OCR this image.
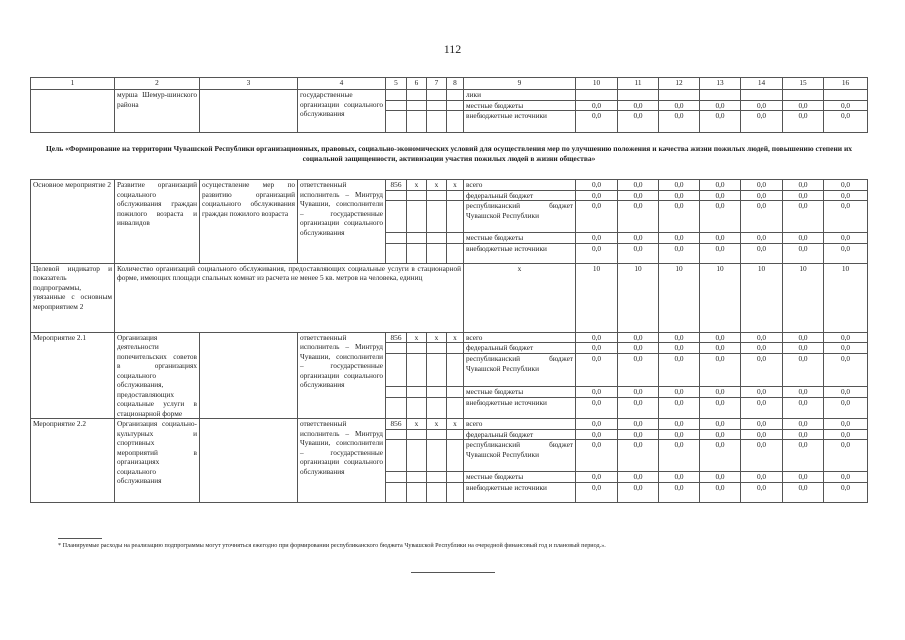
112
1	2	3	4	5	6	7	8	9	10	11	12	13	14	15	16
	мурша Шемур-шинского района		государственные организации социального обслуживания					лики							
								местные бюджеты	0,0	0,0	0,0	0,0	0,0	0,0	0,0
								внебюджетные источники	0,0	0,0	0,0	0,0	0,0	0,0	0,0
Цель «Формирование на территории Чувашской Республики организационных, правовых, социально-экономических условий для осуществления мер по улучшению положения и качества жизни пожилых людей, повышению степени их социальной защищенности, активизации участия пожилых людей в жизни общества»
Основное мероприятие 2	Развитие организаций социального обслуживания граждан пожилого возраста и инвалидов	осуществление мер по развитию организаций социального обслуживания граждан пожилого возраста	ответственный исполнитель – Минтруд Чувашии, соисполнители – государственные организации социального обслуживания	856	x	x	x	всего	0,0	0,0	0,0	0,0	0,0	0,0	0,0
								федеральный бюджет	0,0	0,0	0,0	0,0	0,0	0,0	0,0
								республиканский бюджет Чувашской Республики	0,0	0,0	0,0	0,0	0,0	0,0	0,0
								местные бюджеты	0,0	0,0	0,0	0,0	0,0	0,0	0,0
								внебюджетные источники	0,0	0,0	0,0	0,0	0,0	0,0	0,0
Целевой индикатор и показатель подпрограммы, увязанные с основным мероприятием 2	Количество организаций социального обслуживания, предоставляющих социальные услуги в стационарной форме, имеющих площади спальных комнат из расчета не менее 5 кв. метров на человека, единиц							x	10	10	10	10	10	10	10
Мероприятие 2.1	Организация деятельности попечительских советов в организациях социального обслуживания, предоставляющих социальные услуги в стационарной форме		ответственный исполнитель – Минтруд Чувашии, соисполнители – государственные организации социального обслуживания	856	x	x	x	всего	0,0	0,0	0,0	0,0	0,0	0,0	0,0
								федеральный бюджет	0,0	0,0	0,0	0,0	0,0	0,0	0,0
								республиканский бюджет Чувашской Республики	0,0	0,0	0,0	0,0	0,0	0,0	0,0
								местные бюджеты	0,0	0,0	0,0	0,0	0,0	0,0	0,0
								внебюджетные источники	0,0	0,0	0,0	0,0	0,0	0,0	0,0
Мероприятие 2.2	Организация социально-культурных и спортивных мероприятий в организациях социального обслуживания		ответственный исполнитель – Минтруд Чувашии, соисполнители – государственные организации социального обслуживания	856	x	x	x	всего	0,0	0,0	0,0	0,0	0,0	0,0	0,0
								федеральный бюджет	0,0	0,0	0,0	0,0	0,0	0,0	0,0
								республиканский бюджет Чувашской Республики	0,0	0,0	0,0	0,0	0,0	0,0	0,0
								местные бюджеты	0,0	0,0	0,0	0,0	0,0	0,0	0,0
								внебюджетные источники	0,0	0,0	0,0	0,0	0,0	0,0	0,0
* Планируемые расходы на реализацию подпрограммы могут уточняться ежегодно при формировании республиканского бюджета Чувашской Республики на очередной финансовый год и плановый период.».
